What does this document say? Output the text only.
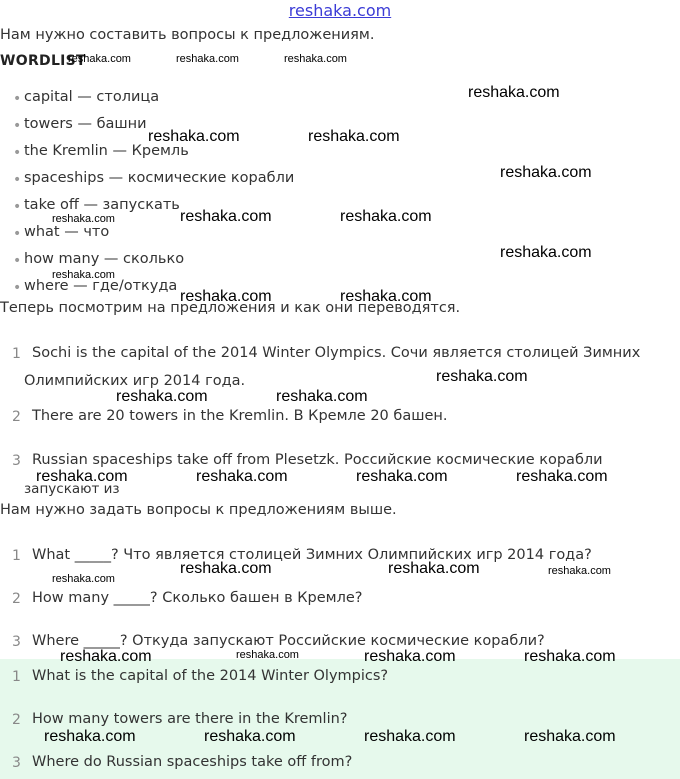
reshaka.com
Нам нужно составить вопросы к предложениям.
WORDLIST
• capital — столица
• towers — башни
• the Kremlin — Кремль
• spaceships — космические корабли
• take off — запускать
• what — что
• how many — сколько
• where — где/откуда
Теперь посмотрим на предложения и как они переводятся.
1 Sochi is the capital of the 2014 Winter Olympics. Сочи является столицей Зимних
Олимпийских игр 2014 года.
2 There are 20 towers in the Kremlin. В Кремле 20 башен.
3 Russian spaceships take off from Plesetzk. Российские космические корабли
запускают из
Нам нужно задать вопросы к предложениям выше.
1 What _____? Что является столицей Зимних Олимпийских игр 2014 года?
2 How many _____? Сколько башен в Кремле?
3 Where _____? Откуда запускают Российские космические корабли?
1 What is the capital of the 2014 Winter Olympics?
2 How many towers are there in the Kremlin?
3 Where do Russian spaceships take off from?
reshaka.com	reshaka.com	reshaka.com
reshaka.com
reshaka.com	reshaka.com
reshaka.com
reshaka.com	reshaka.com	reshaka.com
reshaka.com
reshaka.com
reshaka.com	reshaka.com
reshaka.com
reshaka.com	reshaka.com
reshaka.com	reshaka.com	reshaka.com	reshaka.com
reshaka.com
reshaka.com	reshaka.com	reshaka.com
reshaka.com	reshaka.com	reshaka.com	reshaka.com
reshaka.com	reshaka.com	reshaka.com	reshaka.com
